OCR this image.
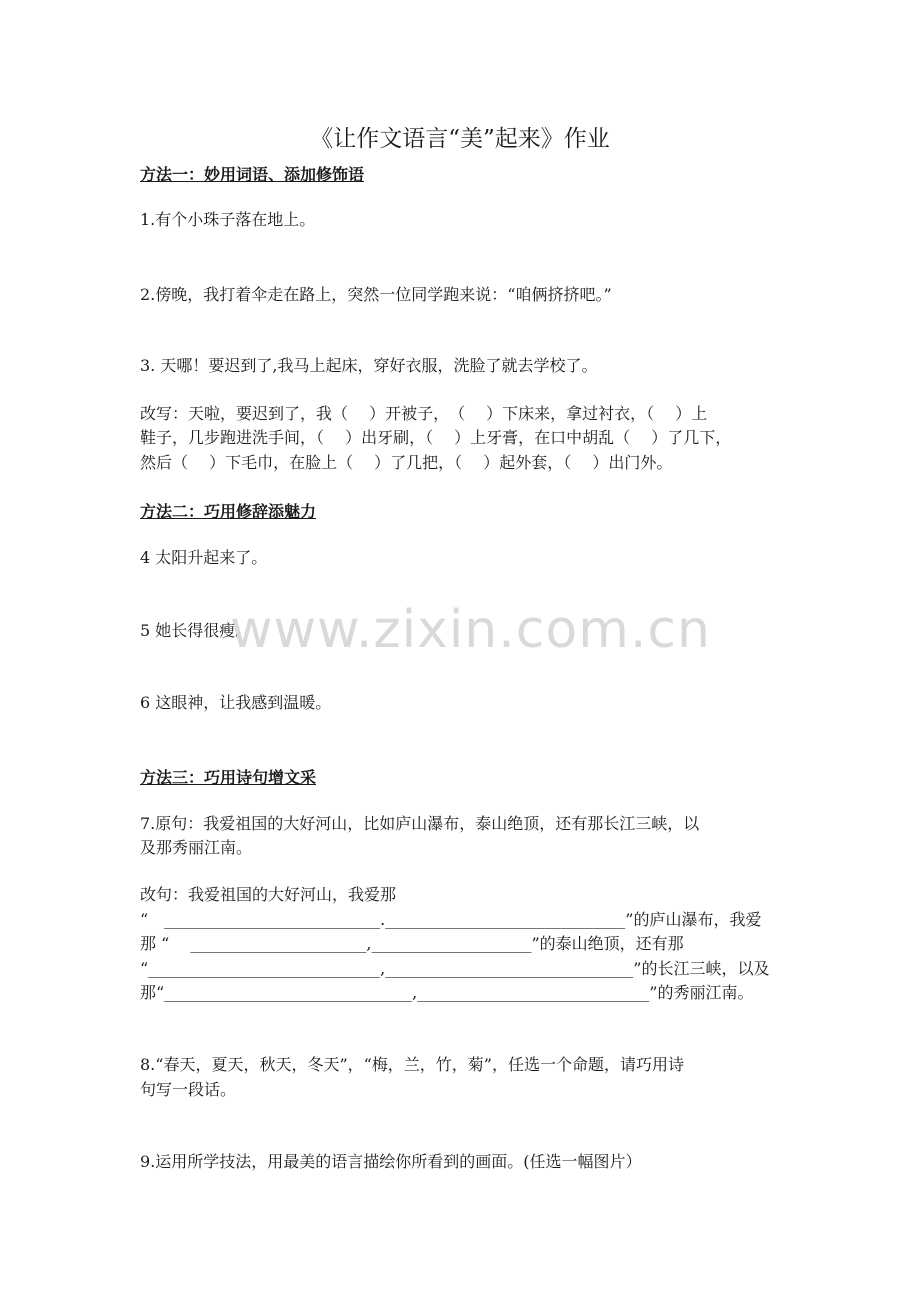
《让作文语言“美”起来》作业
方法一：妙用词语、添加修饰语
1.有个小珠子落在地上。
2.傍晚，我打着伞走在路上，突然一位同学跑来说：“咱俩挤挤吧。”
3. 天哪！要迟到了,我马上起床，穿好衣服，洗脸了就去学校了。
改写：天啦，要迟到了，我（　 ）开被子，　（　 ）下床来，拿过衬衣，（　 ）上
鞋子，几步跑进洗手间，（　 ）出牙刷，（　 ）上牙膏，在口中胡乱（　 ）了几下，
然后（　 ）下毛巾，在脸上（　 ）了几把，（　 ）起外套，（　 ）出门外。
方法二：巧用修辞添魅力
4 太阳升起来了。
5 她长得很瘦。
6 这眼神，让我感到温暖。
方法三：巧用诗句增文采
7.原句：我爱祖国的大好河山，比如庐山瀑布，泰山绝顶，还有那长江三峡，以
及那秀丽江南。
改句：我爱祖国的大好河山，我爱那
“　___________________________.______________________________”的庐山瀑布，我爱
那 “　 ______________________,____________________”的泰山绝顶，还有那
“_____________________________,_______________________________”的长江三峡，以及
那“_______________________________,_____________________________”的秀丽江南。
8.“春天，夏天，秋天，冬天”，“梅，兰，竹，菊”，任选一个命题，请巧用诗
句写一段话。
9.运用所学技法，用最美的语言描绘你所看到的画面。(任选一幅图片）
www.zixin.com.cn
